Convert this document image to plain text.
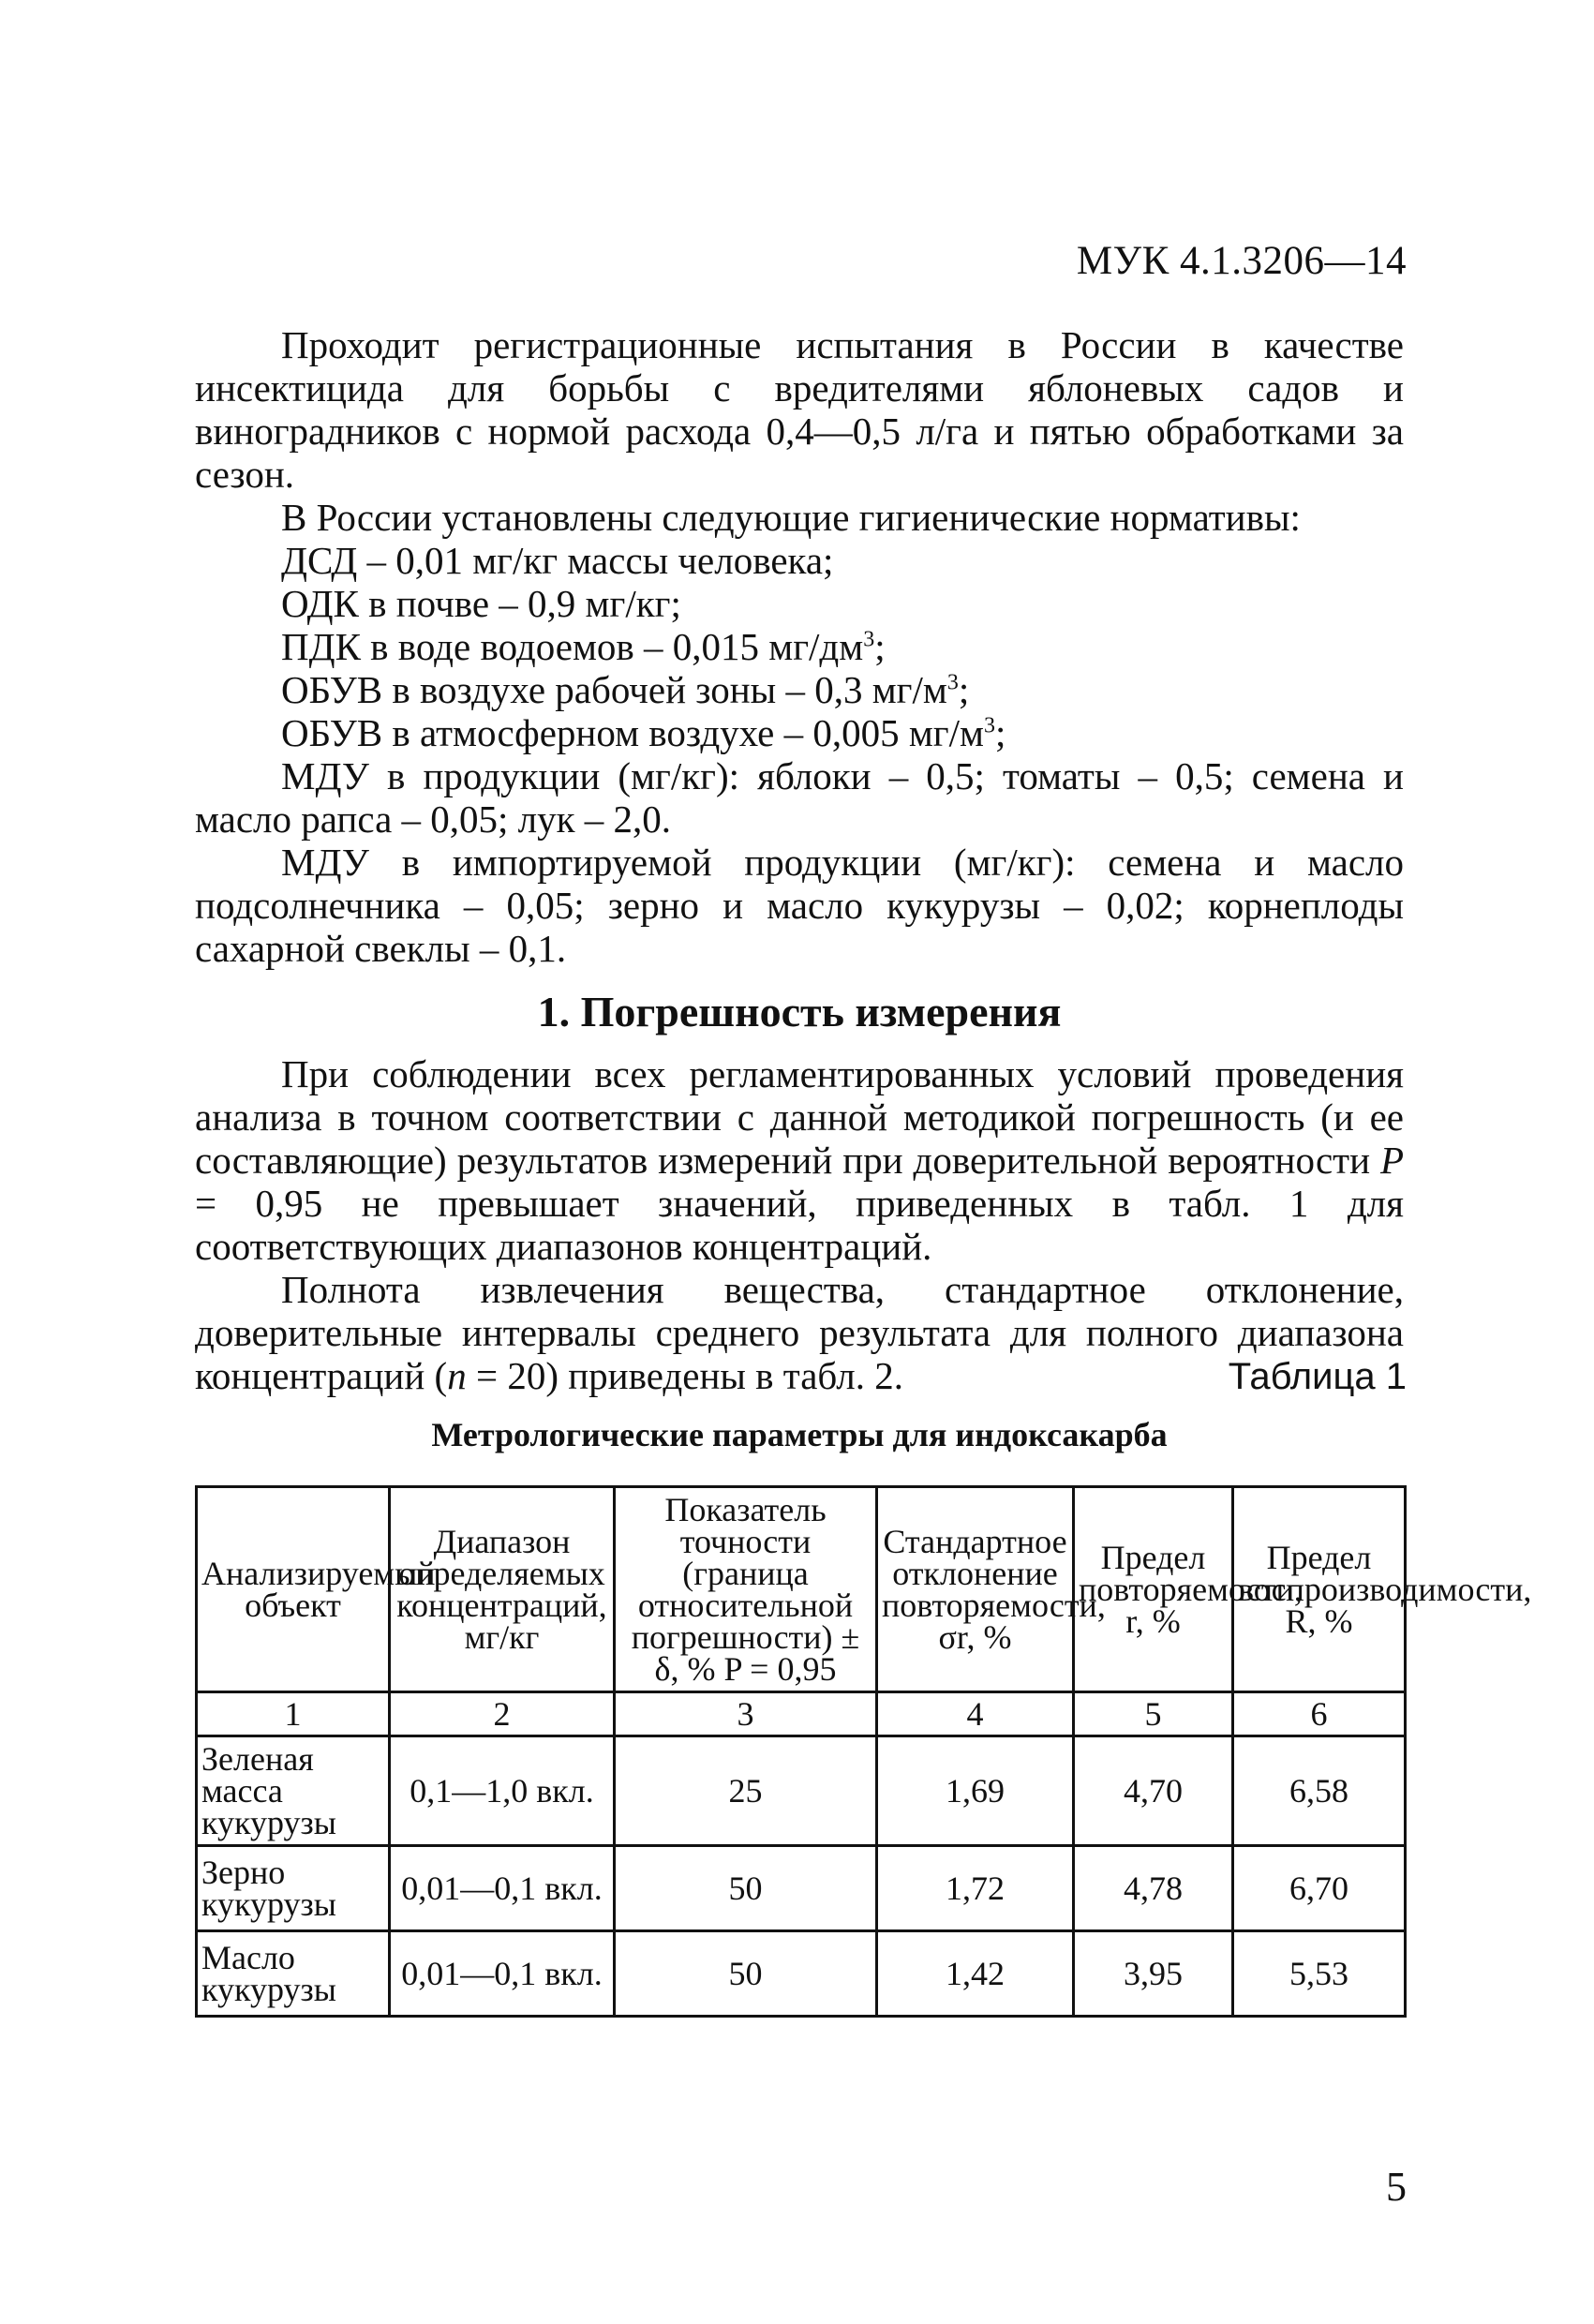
МУК 4.1.3206—14

Проходит регистрационные испытания в России в качестве инсектицида для борьбы с вредителями яблоневых садов и виноградников с нормой расхода 0,4—0,5 л/га и пятью обработками за сезон.

В России установлены следующие гигиенические нормативы:

ДСД – 0,01 мг/кг массы человека;

ОДК в почве – 0,9 мг/кг;

ПДК в воде водоемов – 0,015 $мг/дм^3$;

ОБУВ в воздухе рабочей зоны – 0,3 $мг/м^3$;

ОБУВ в атмосферном воздухе – 0,005 $мг/м^3$;

МДУ в продукции (мг/кг): яблоки – 0,5; томаты – 0,5; семена и масло рапса – 0,05; лук – 2,0.

МДУ в импортируемой продукции (мг/кг): семена и масло подсолнечника – 0,05; зерно и масло кукурузы – 0,02; корнеплоды сахарной свеклы – 0,1.

1. Погрешность измерения

При соблюдении всех регламентированных условий проведения анализа в точном соответствии с данной методикой погрешность (и ее составляющие) результатов измерений при доверительной вероятности P = 0,95 не превышает значений, приведенных в табл. 1 для соответствующих диапазонов концентраций.

Полнота извлечения вещества, стандартное отклонение, доверительные интервалы среднего результата для полного диапазона концентраций (n = 20) приведены в табл. 2.	Таблица 1
Метрологические параметры для индоксакарба
Анализируемый объект	Диапазон определяемых концентраций, мг/кг	Показатель точности (граница относительной погрешности) ± δ, % P = 0,95	Стандартное отклонение повторяемости, σr, %	Предел повторяемости, r, %	Предел воспроизводимости, R, %
1	2	3	4	5	6
Зеленая масса кукурузы	0,1—1,0 вкл.	25	1,69	4,70	6,58
Зерно кукурузы	0,01—0,1 вкл.	50	1,72	4,78	6,70
Масло кукурузы	0,01—0,1 вкл.	50	1,42	3,95	5,53
5
